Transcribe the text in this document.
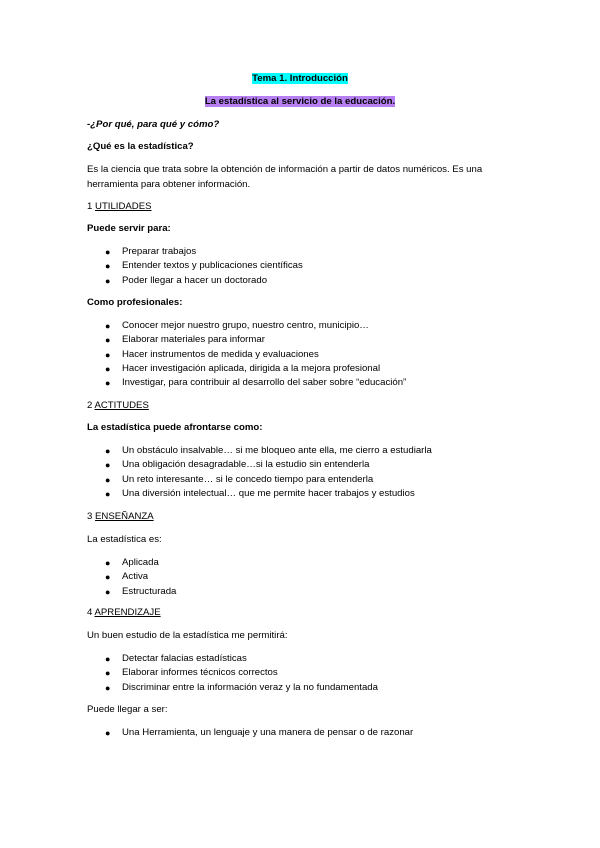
Tema 1. Introducción
La estadística al servicio de la educación.
-¿Por qué, para qué y cómo?
¿Qué es la estadística?
Es la ciencia que trata sobre la obtención de información a partir de datos numéricos. Es una herramienta para obtener información.
1 UTILIDADES
Puede servir para:
● Preparar trabajos
● Entender textos y publicaciones científicas
● Poder llegar a hacer un doctorado
Como profesionales:
● Conocer mejor nuestro grupo, nuestro centro, municipio…
● Elaborar materiales para informar
● Hacer instrumentos de medida y evaluaciones
● Hacer investigación aplicada, dirigida a la mejora profesional
● Investigar, para contribuir al desarrollo del saber sobre “educación”
2 ACTITUDES
La estadística puede afrontarse como:
● Un obstáculo insalvable… si me bloqueo ante ella, me cierro a estudiarla
● Una obligación desagradable…si la estudio sin entenderla
● Un reto interesante… si le concedo tiempo para entenderla
● Una diversión intelectual… que me permite hacer trabajos y estudios
3 ENSEÑANZA
La estadística es:
● Aplicada
● Activa
● Estructurada
4 APRENDIZAJE
Un buen estudio de la estadística me permitirá:
● Detectar falacias estadísticas
● Elaborar informes técnicos correctos
● Discriminar entre la información veraz y la no fundamentada
Puede llegar a ser:
● Una Herramienta, un lenguaje y una manera de pensar o de razonar
